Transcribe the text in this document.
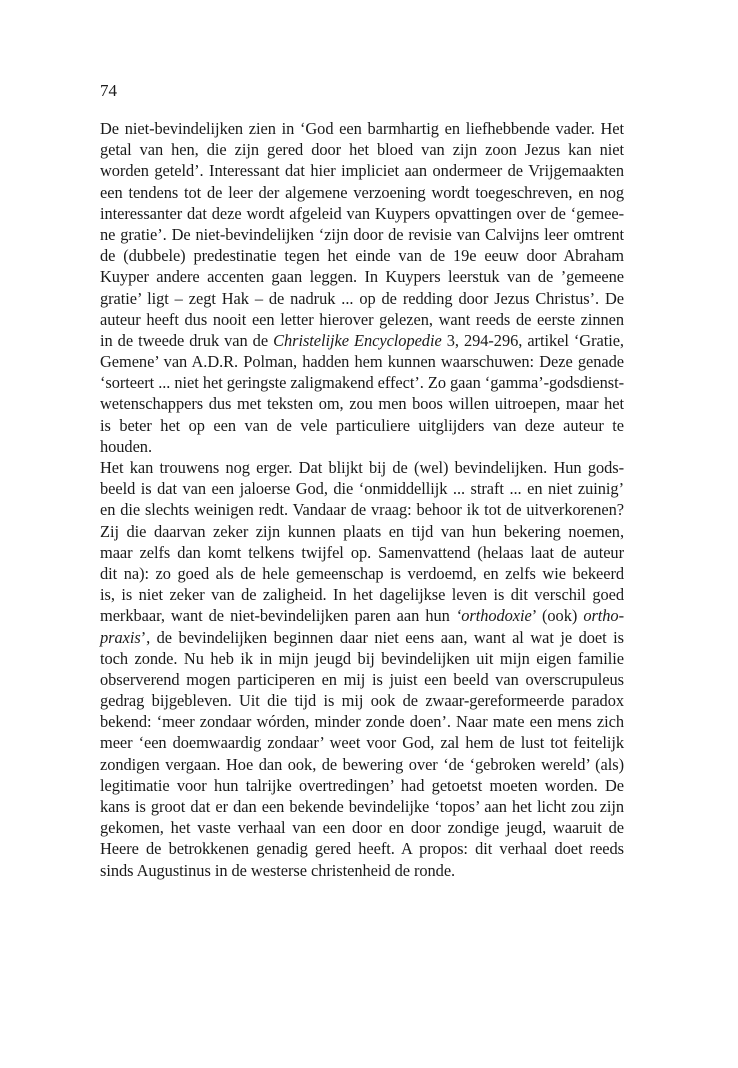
74
De niet-bevindelijken zien in ‘God een barmhartig en liefhebbende vader. Het
getal van hen, die zijn gered door het bloed van zijn zoon Jezus kan niet
worden geteld’. Interessant dat hier impliciet aan ondermeer de Vrijgemaakten
een tendens tot de leer der algemene verzoening wordt toegeschreven, en nog
interessanter dat deze wordt afgeleid van Kuypers opvattingen over de ‘gemee-
ne gratie’. De niet-bevindelijken ‘zijn door de revisie van Calvijns leer omtrent
de (dubbele) predestinatie tegen het einde van de 19e eeuw door Abraham
Kuyper andere accenten gaan leggen. In Kuypers leerstuk van de ’gemeene
gratie’ ligt – zegt Hak – de nadruk ... op de redding door Jezus Christus’. De
auteur heeft dus nooit een letter hierover gelezen, want reeds de eerste zinnen
in de tweede druk van de Christelijke Encyclopedie 3, 294-296, artikel ‘Gratie,
Gemene’ van A.D.R. Polman, hadden hem kunnen waarschuwen: Deze genade
‘sorteert ... niet het geringste zaligmakend effect’. Zo gaan ‘gamma’-godsdienst-
wetenschappers dus met teksten om, zou men boos willen uitroepen, maar het
is beter het op een van de vele particuliere uitglijders van deze auteur te
houden.
Het kan trouwens nog erger. Dat blijkt bij de (wel) bevindelijken. Hun gods-
beeld is dat van een jaloerse God, die ‘onmiddellijk ... straft ... en niet zuinig’
en die slechts weinigen redt. Vandaar de vraag: behoor ik tot de uitverkorenen?
Zij die daarvan zeker zijn kunnen plaats en tijd van hun bekering noemen,
maar zelfs dan komt telkens twijfel op. Samenvattend (helaas laat de auteur
dit na): zo goed als de hele gemeenschap is verdoemd, en zelfs wie bekeerd
is, is niet zeker van de zaligheid. In het dagelijkse leven is dit verschil goed
merkbaar, want de niet-bevindelijken paren aan hun ‘orthodoxie’ (ook) ortho-
praxis’, de bevindelijken beginnen daar niet eens aan, want al wat je doet is
toch zonde. Nu heb ik in mijn jeugd bij bevindelijken uit mijn eigen familie
observerend mogen participeren en mij is juist een beeld van overscrupuleus
gedrag bijgebleven. Uit die tijd is mij ook de zwaar-gereformeerde paradox
bekend: ‘meer zondaar wórden, minder zonde doen’. Naar mate een mens zich
meer ‘een doemwaardig zondaar’ weet voor God, zal hem de lust tot feitelijk
zondigen vergaan. Hoe dan ook, de bewering over ‘de ‘gebroken wereld’ (als)
legitimatie voor hun talrijke overtredingen’ had getoetst moeten worden. De
kans is groot dat er dan een bekende bevindelijke ‘topos’ aan het licht zou zijn
gekomen, het vaste verhaal van een door en door zondige jeugd, waaruit de
Heere de betrokkenen genadig gered heeft. A propos: dit verhaal doet reeds
sinds Augustinus in de westerse christenheid de ronde.
